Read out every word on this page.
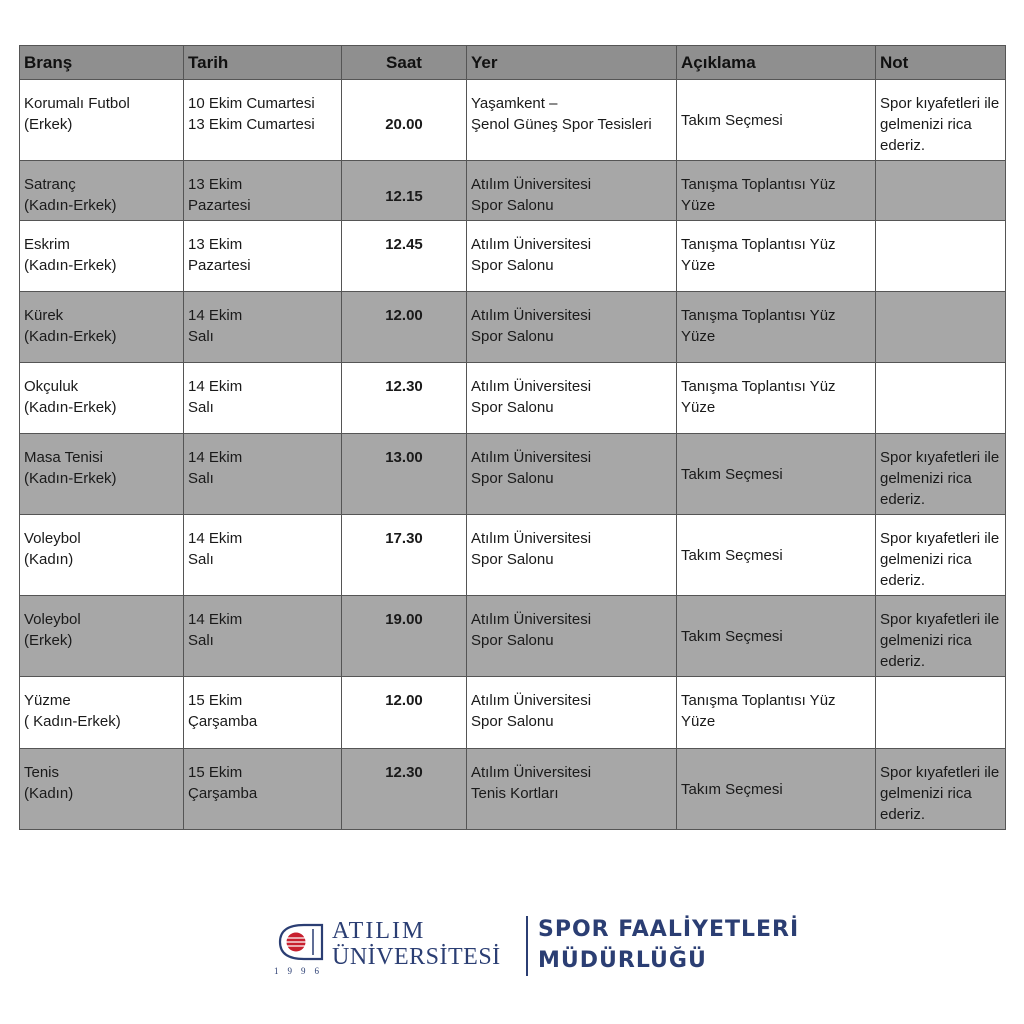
Branş	Tarih	Saat	Yer	Açıklama	Not

Korumalı Futbol
(Erkek)	10 Ekim Cumartesi
13 Ekim Cumartesi	20.00	Yaşamkent –
Şenol Güneş Spor Tesisleri	Takım Seçmesi	Spor kıyafetleri ile
gelmenizi rica
ederiz.

Satranç
(Kadın-Erkek)	13 Ekim
Pazartesi	12.15	Atılım Üniversitesi
Spor Salonu	Tanışma Toplantısı Yüz
Yüze	

Eskrim
(Kadın-Erkek)	13 Ekim
Pazartesi	12.45	Atılım Üniversitesi
Spor Salonu	Tanışma Toplantısı Yüz
Yüze	

Kürek
(Kadın-Erkek)	14 Ekim
Salı	12.00	Atılım Üniversitesi
Spor Salonu	Tanışma Toplantısı Yüz
Yüze	

Okçuluk
(Kadın-Erkek)	14 Ekim
Salı	12.30	Atılım Üniversitesi
Spor Salonu	Tanışma Toplantısı Yüz
Yüze	

Masa Tenisi
(Kadın-Erkek)	14 Ekim
Salı	13.00	Atılım Üniversitesi
Spor Salonu	Takım Seçmesi	Spor kıyafetleri ile
gelmenizi rica
ederiz.

Voleybol
(Kadın)	14 Ekim
Salı	17.30	Atılım Üniversitesi
Spor Salonu	Takım Seçmesi	Spor kıyafetleri ile
gelmenizi rica
ederiz.

Voleybol
(Erkek)	14 Ekim
Salı	19.00	Atılım Üniversitesi
Spor Salonu	Takım Seçmesi	Spor kıyafetleri ile
gelmenizi rica
ederiz.

Yüzme
( Kadın-Erkek)	15 Ekim
Çarşamba	12.00	Atılım Üniversitesi
Spor Salonu	Tanışma Toplantısı Yüz
Yüze	

Tenis
(Kadın)	15 Ekim
Çarşamba	12.30	Atılım Üniversitesi
Tenis Kortları	Takım Seçmesi	Spor kıyafetleri ile
gelmenizi rica
ederiz.
1996
ATILIM
ÜNİVERSİTESİ
SPOR FAALİYETLERİ
MÜDÜRLÜĞÜ
